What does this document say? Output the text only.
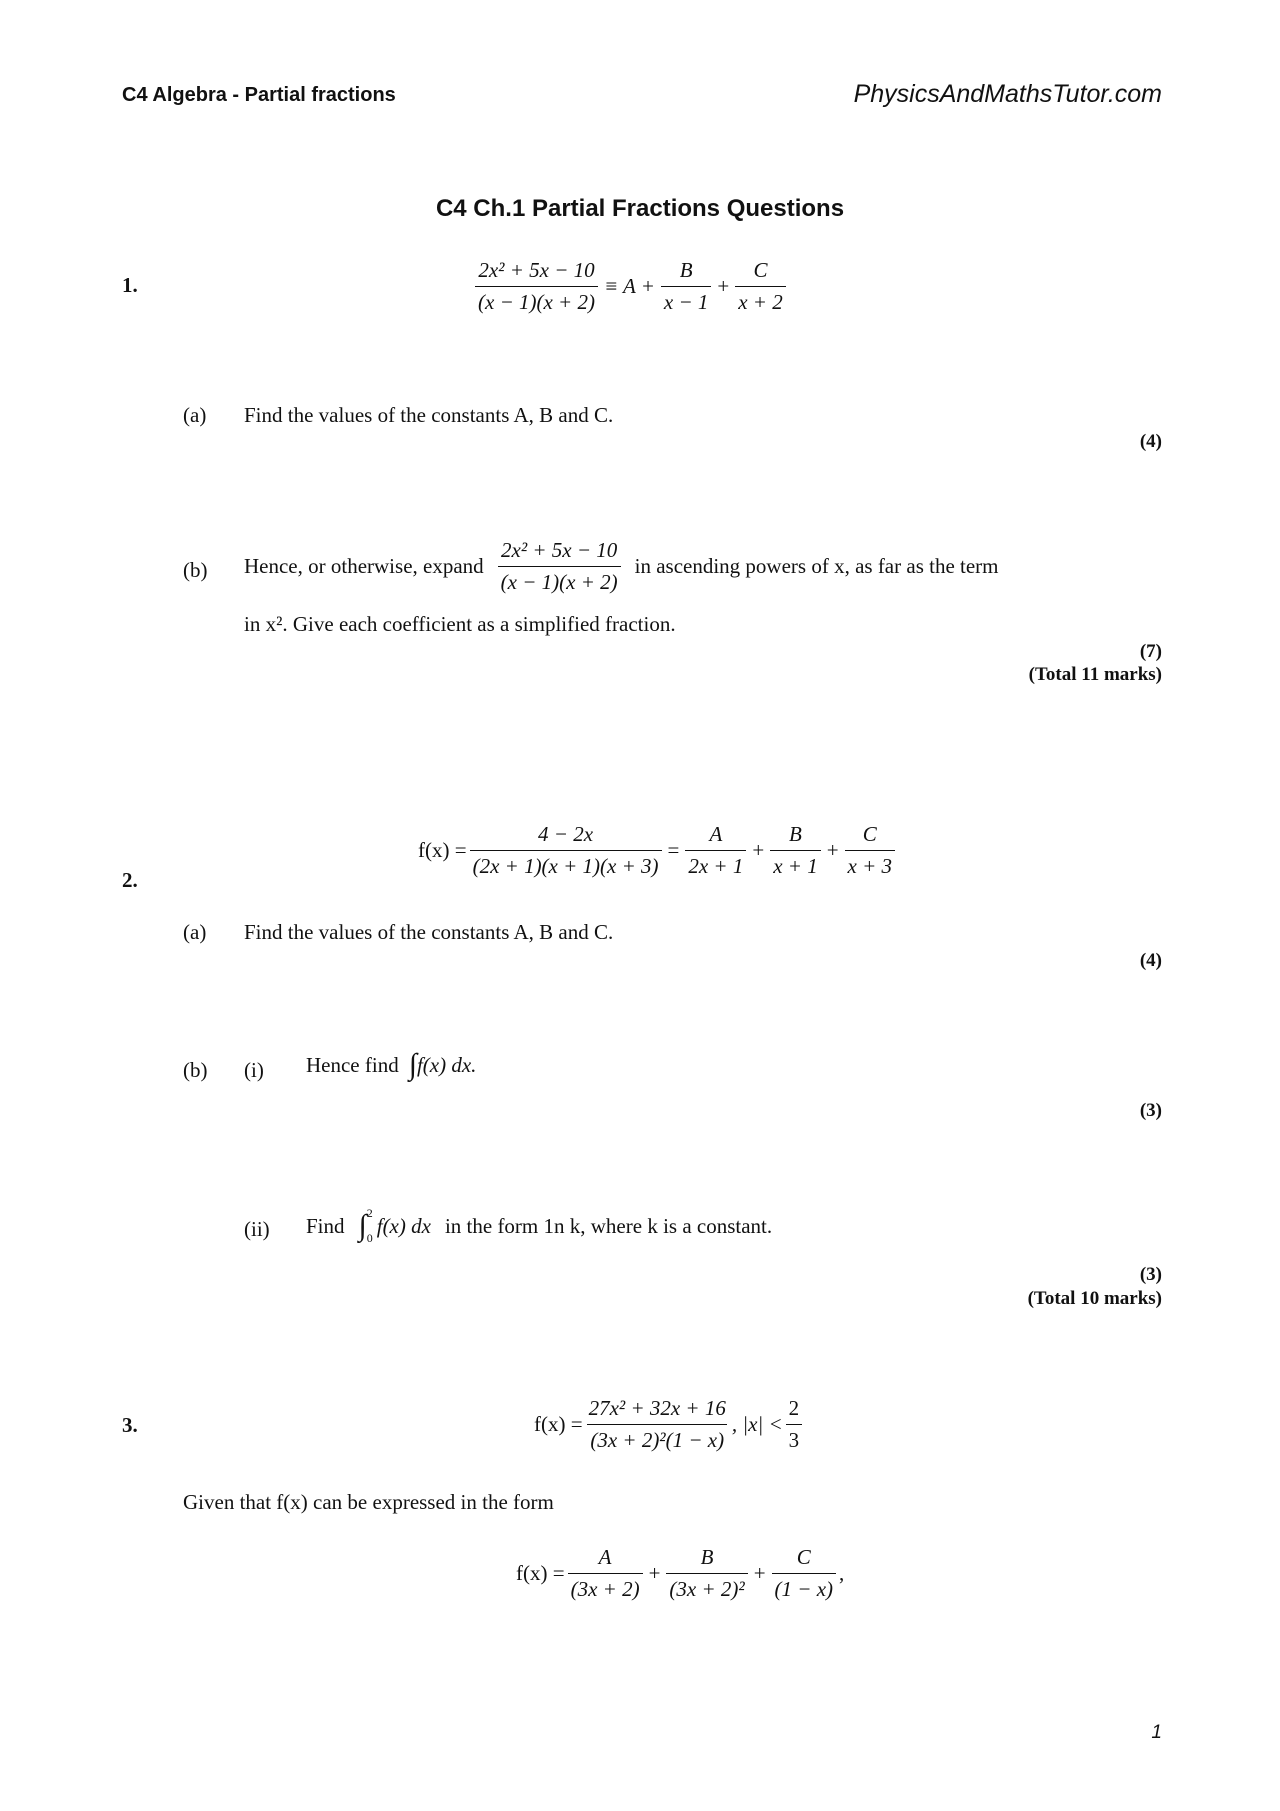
C4 Algebra - Partial fractions	PhysicsAndMathsTutor.com
C4 Ch.1 Partial Fractions Questions
1.	$\frac{\text{2x² + 5x − 10}}{(x - 1)(x + 2)} \equiv A + \frac{B}{x - 1} + \frac{C}{x + 2}$
(a) Find the values of the constants A, B and C.
(4)
(b) Hence, or otherwise, expand $\frac{\text{2x² + 5x − 10}}{(x - 1)(x + 2)}$ in ascending powers of x, as far as the term
in x². Give each coefficient as a simplified fraction.
(7)
(Total 11 marks)
2.
$f(x) = \frac{4 - 2x}{(2x + 1)(x + 1)(x + 3)} = \frac{A}{2x + 1} + \frac{B}{x + 1} + \frac{C}{x + 3}$
(a) Find the values of the constants A, B and C.
(4)
(b) (i) Hence find ∫ f(x) dx.
(3)
(ii) Find ∫ 2
0
f(x) dx in the form 1n k, where k is a constant.
(3)
(Total 10 marks)
3.	$f(x) = \frac{\text{27x² + 32x + 16}}{\text{(3x + 2)²(1 − x)}}$ , $|x| < \frac{2}{3}$
Given that f(x) can be expressed in the form
$f(x) = \frac{A}{(3x + 2)} + \frac{B}{\text{(3x + 2)²}} + \frac{C}{(1 - x)}$ ,
1
